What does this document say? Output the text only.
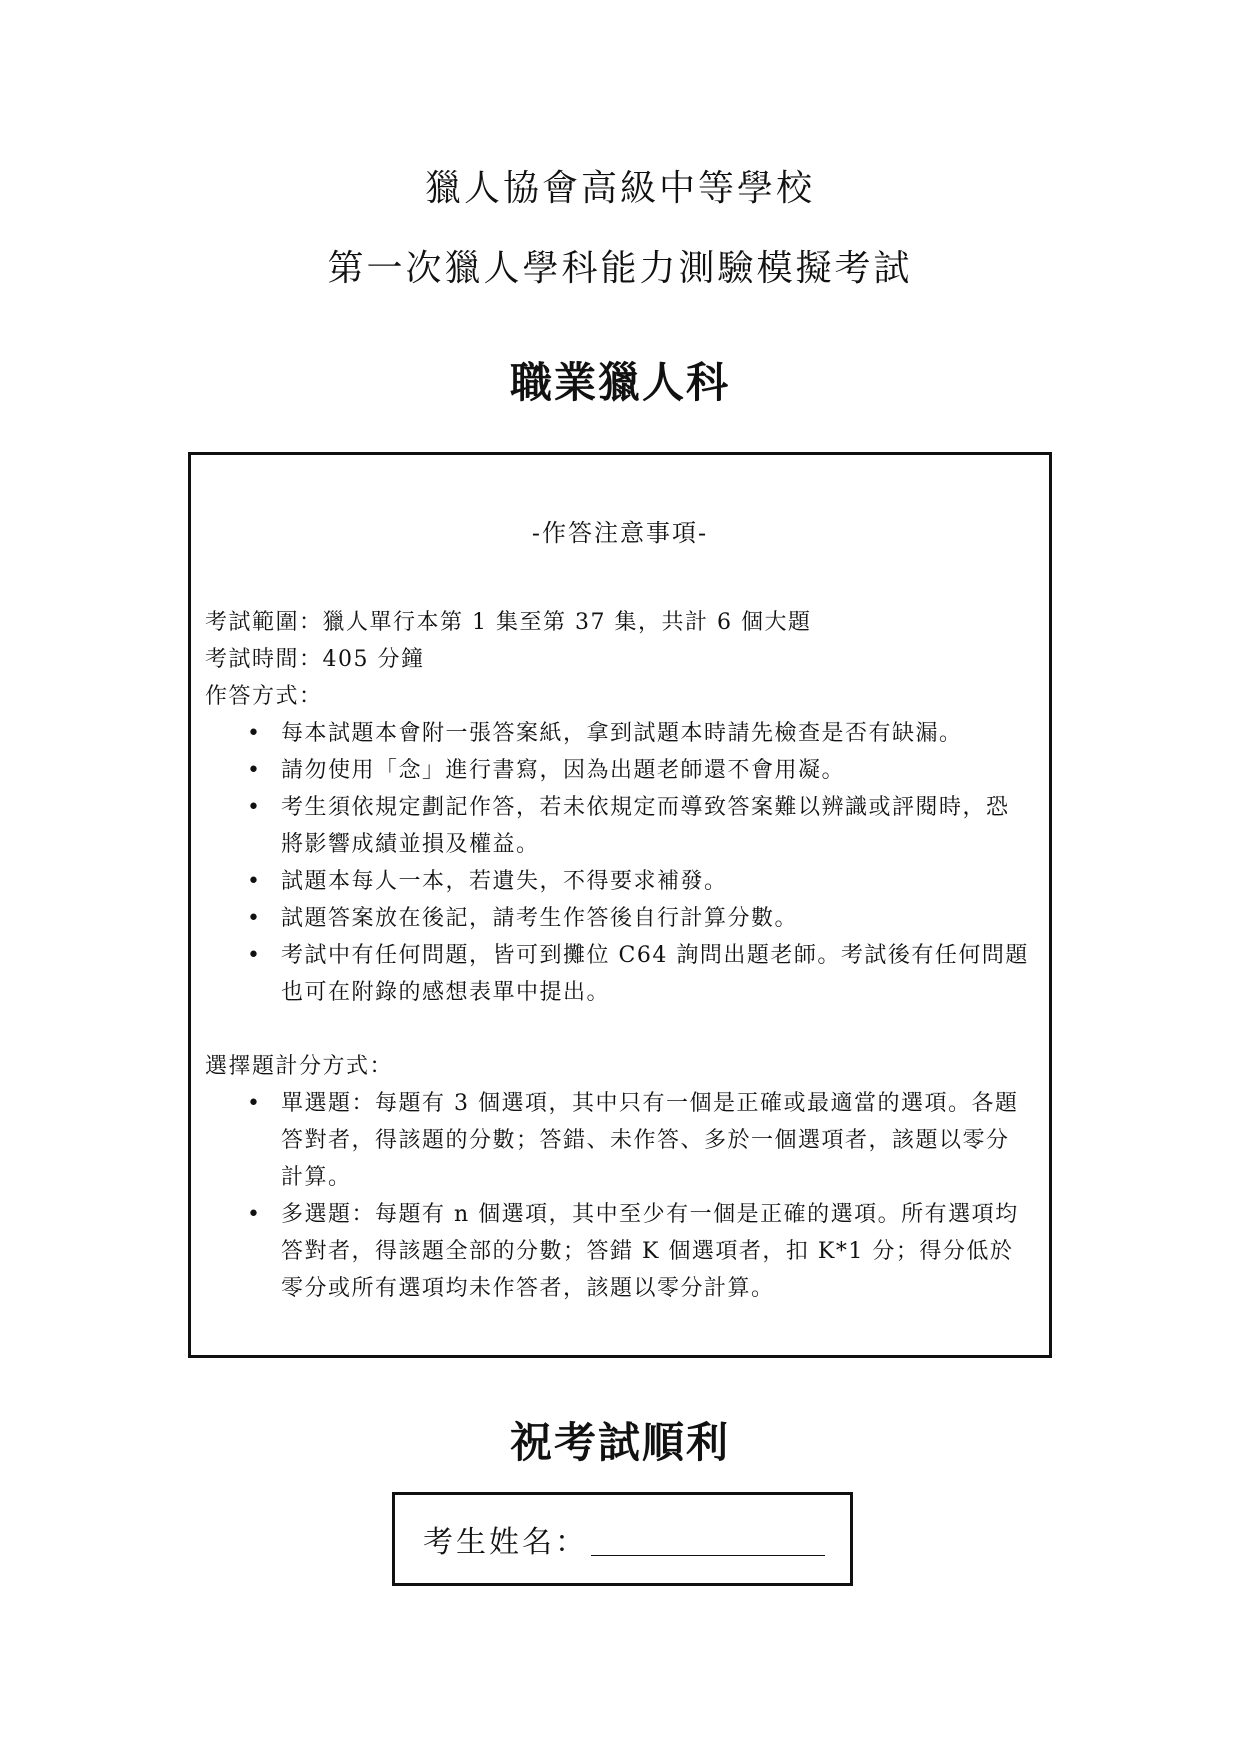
獵人協會高級中等學校
第一次獵人學科能力測驗模擬考試
職業獵人科
-作答注意事項-

考試範圍：獵人單行本第 1 集至第 37 集，共計 6 個大題

考試時間：405 分鐘

作答方式：

• 每本試題本會附一張答案紙，拿到試題本時請先檢查是否有缺漏。
• 請勿使用「念」進行書寫，因為出題老師還不會用凝。
• 考生須依規定劃記作答，若未依規定而導致答案難以辨識或評閱時，恐將影響成績並損及權益。
• 試題本每人一本，若遺失，不得要求補發。
• 試題答案放在後記，請考生作答後自行計算分數。
• 考試中有任何問題，皆可到攤位 C64 詢問出題老師。考試後有任何問題也可在附錄的感想表單中提出。

選擇題計分方式：

• 單選題：每題有 3 個選項，其中只有一個是正確或最適當的選項。各題答對者，得該題的分數；答錯、未作答、多於一個選項者，該題以零分計算。
• 多選題：每題有 n 個選項，其中至少有一個是正確的選項。所有選項均答對者，得該題全部的分數；答錯 K 個選項者，扣 K*1 分；得分低於零分或所有選項均未作答者，該題以零分計算。
祝考試順利
考生姓名：
